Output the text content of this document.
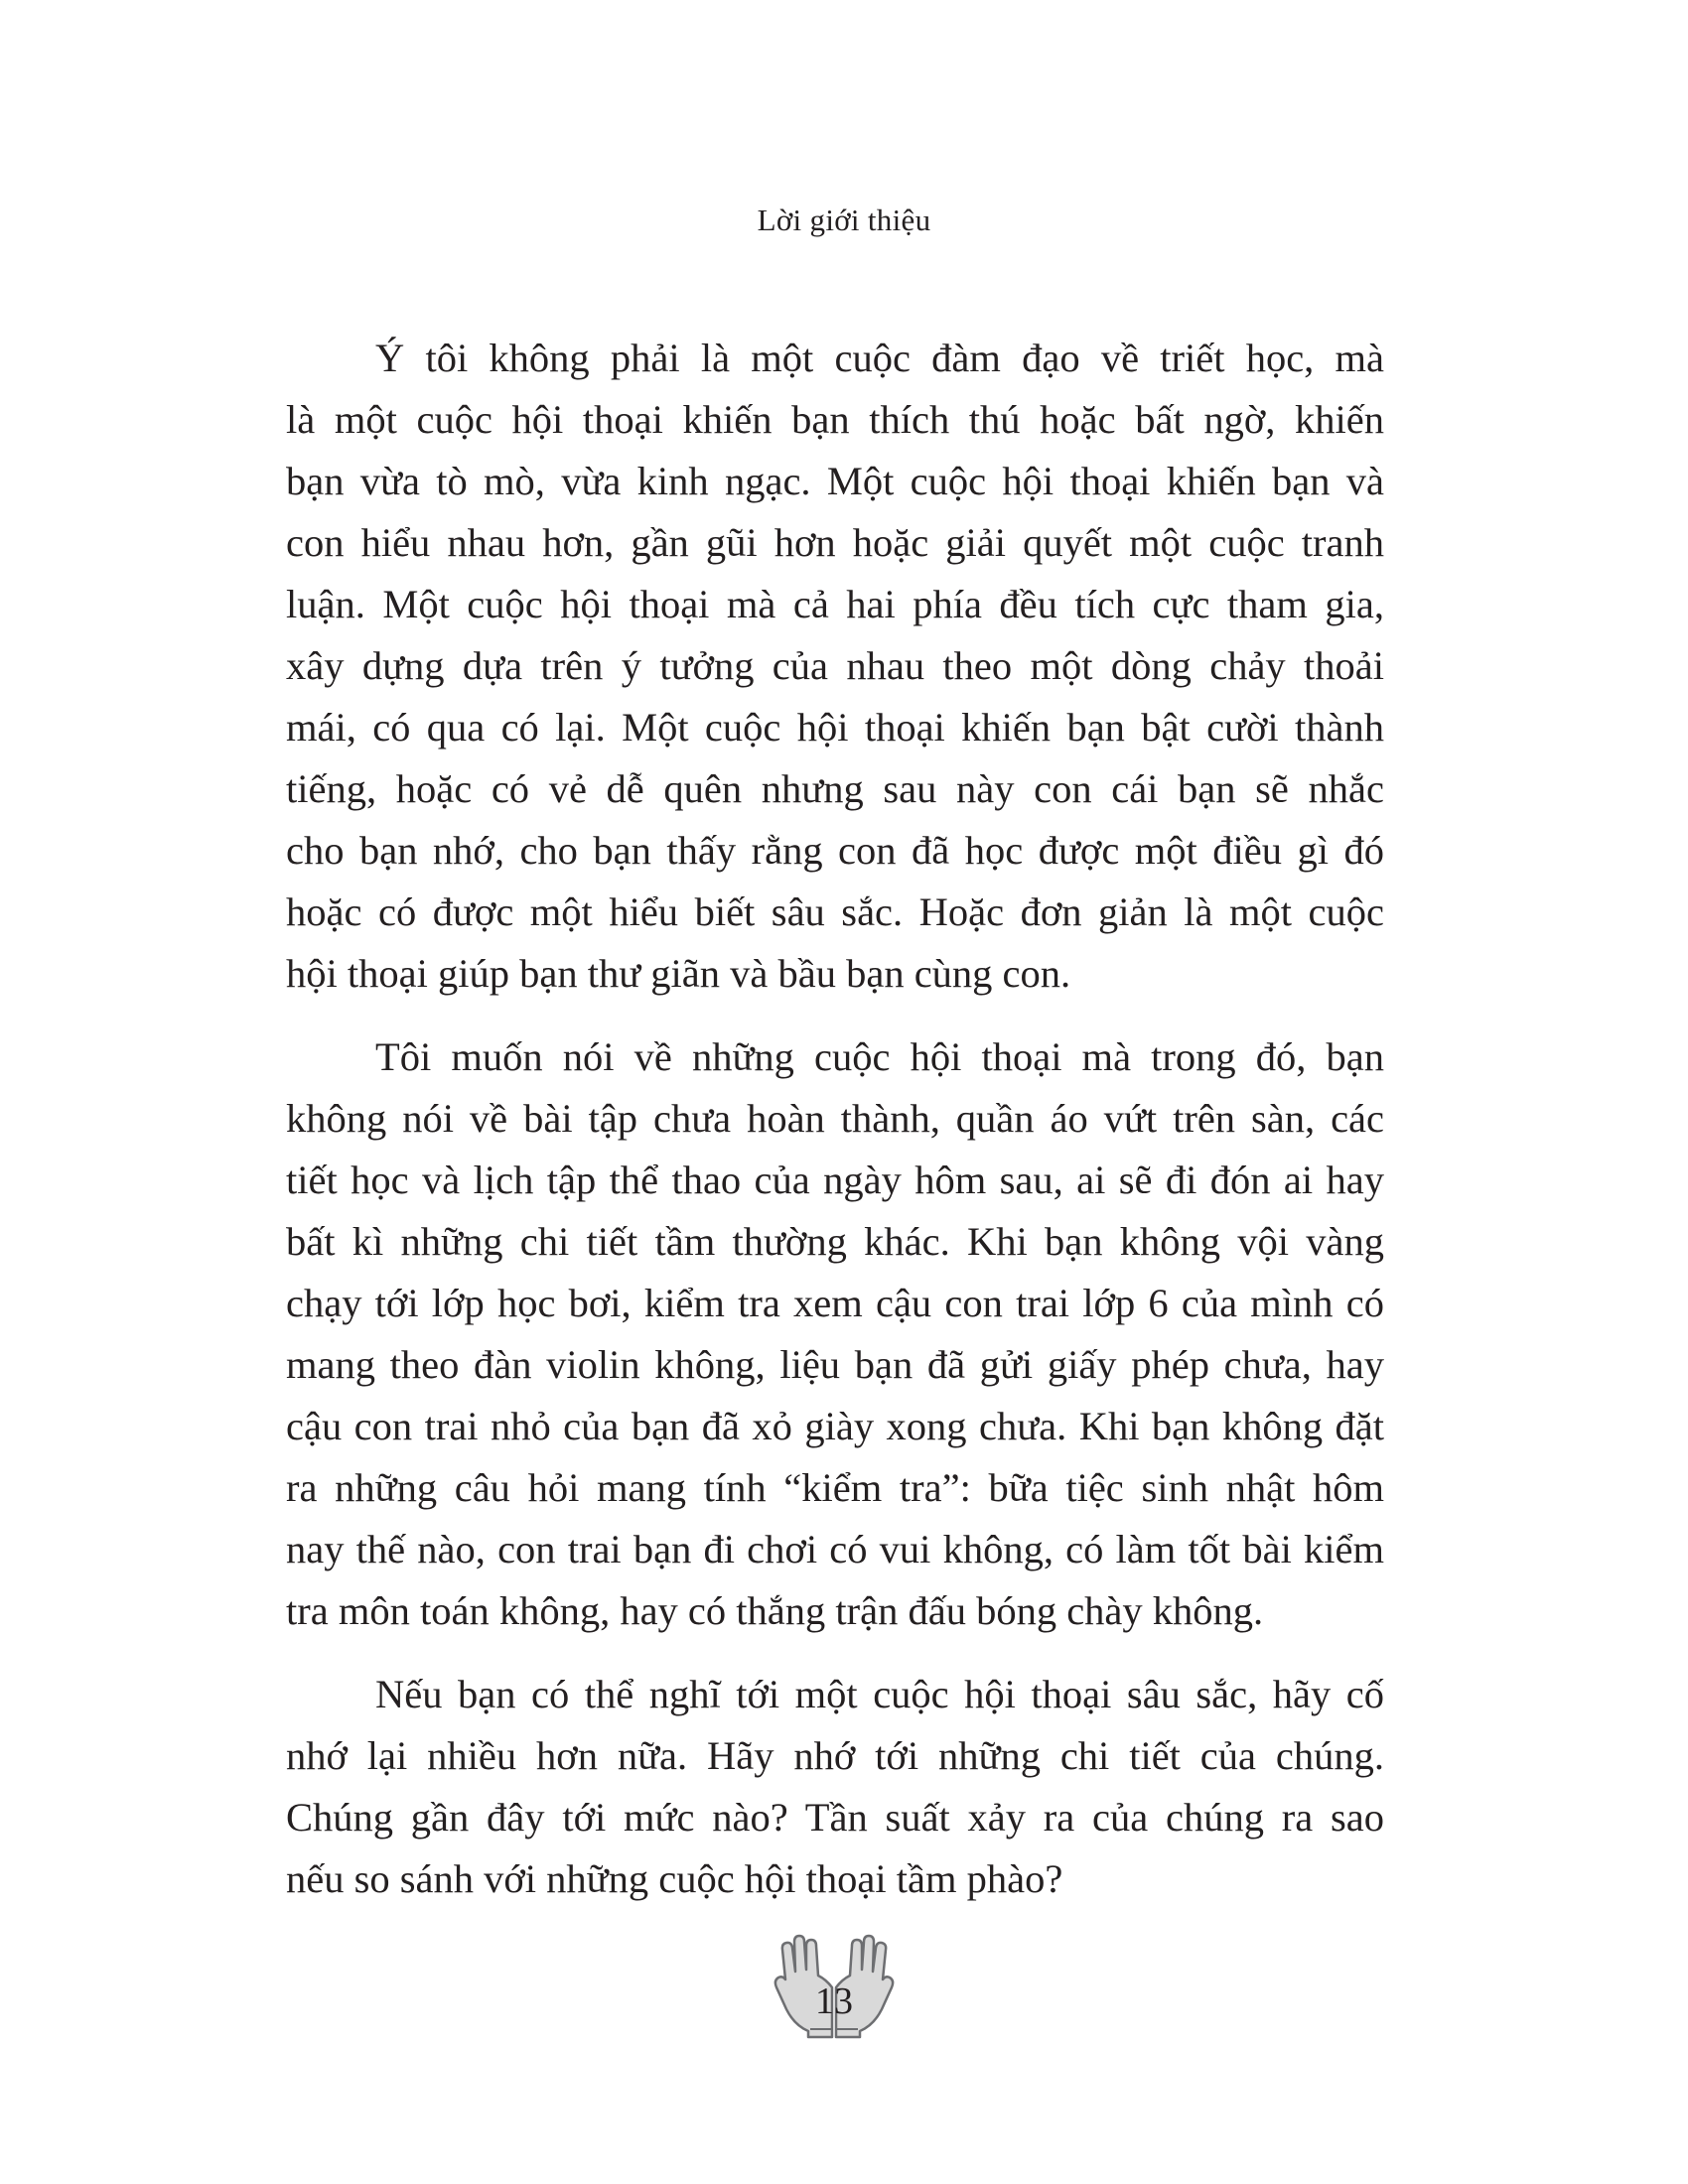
Lời giới thiệu

Ý tôi không phải là một cuộc đàm đạo về triết học, mà
là một cuộc hội thoại khiến bạn thích thú hoặc bất ngờ, khiến
bạn vừa tò mò, vừa kinh ngạc. Một cuộc hội thoại khiến bạn và
con hiểu nhau hơn, gần gũi hơn hoặc giải quyết một cuộc tranh
luận. Một cuộc hội thoại mà cả hai phía đều tích cực tham gia,
xây dựng dựa trên ý tưởng của nhau theo một dòng chảy thoải
mái, có qua có lại. Một cuộc hội thoại khiến bạn bật cười thành
tiếng, hoặc có vẻ dễ quên nhưng sau này con cái bạn sẽ nhắc
cho bạn nhớ, cho bạn thấy rằng con đã học được một điều gì đó
hoặc có được một hiểu biết sâu sắc. Hoặc đơn giản là một cuộc
hội thoại giúp bạn thư giãn và bầu bạn cùng con.

Tôi muốn nói về những cuộc hội thoại mà trong đó, bạn
không nói về bài tập chưa hoàn thành, quần áo vứt trên sàn, các
tiết học và lịch tập thể thao của ngày hôm sau, ai sẽ đi đón ai hay
bất kì những chi tiết tầm thường khác. Khi bạn không vội vàng
chạy tới lớp học bơi, kiểm tra xem cậu con trai lớp 6 của mình có
mang theo đàn violin không, liệu bạn đã gửi giấy phép chưa, hay
cậu con trai nhỏ của bạn đã xỏ giày xong chưa. Khi bạn không đặt
ra những câu hỏi mang tính “kiểm tra”: bữa tiệc sinh nhật hôm
nay thế nào, con trai bạn đi chơi có vui không, có làm tốt bài kiểm
tra môn toán không, hay có thắng trận đấu bóng chày không.

Nếu bạn có thể nghĩ tới một cuộc hội thoại sâu sắc, hãy cố
nhớ lại nhiều hơn nữa. Hãy nhớ tới những chi tiết của chúng.
Chúng gần đây tới mức nào? Tần suất xảy ra của chúng ra sao
nếu so sánh với những cuộc hội thoại tầm phào?

13
